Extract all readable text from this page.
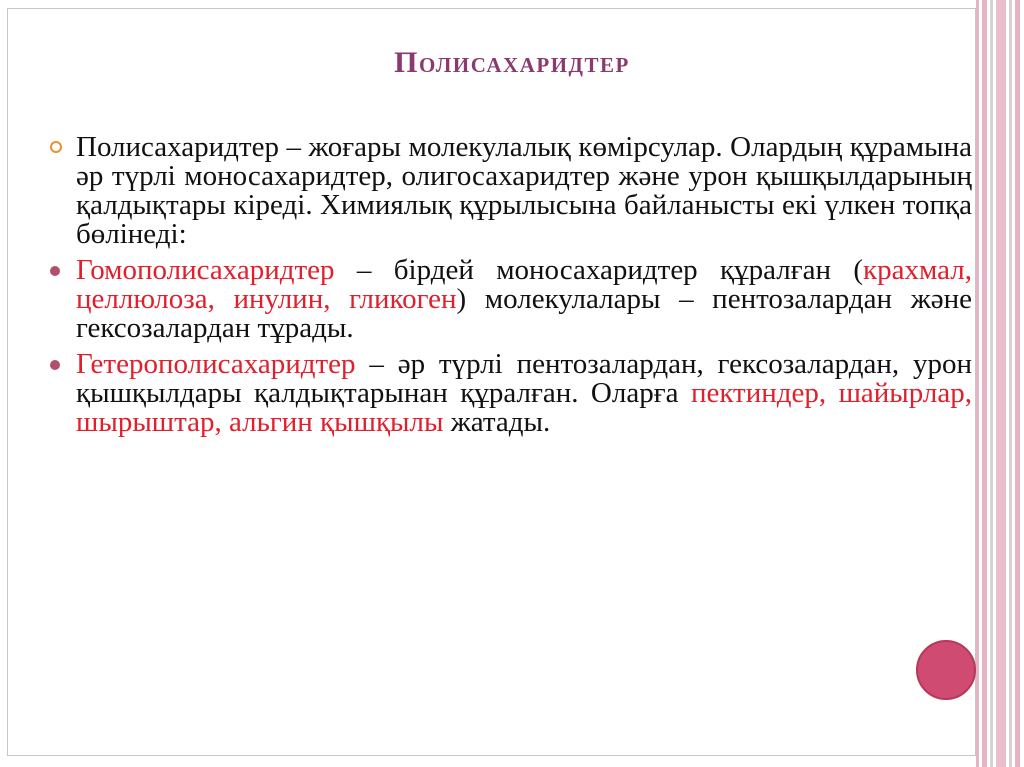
Полисахаридтер

Полисахаридтер – жоғары молекулалық көмірсулар. Олардың құрамына әр түрлі моносахаридтер, олигосахаридтер және урон қышқылдарының қалдықтары кіреді. Химиялық құрылысына байланысты екі үлкен топқа бөлінеді:

Гомополисахаридтер – бірдей моносахаридтер құралған (крахмал, целлюлоза, инулин, гликоген) молекулалары – пентозалардан және гексозалардан тұрады.

Гетерополисахаридтер – әр түрлі пентозалардан, гексозалардан, урон қышқылдары қалдықтарынан құралған. Оларға пектиндер, шайырлар, шырыштар, альгин қышқылы жатады.
